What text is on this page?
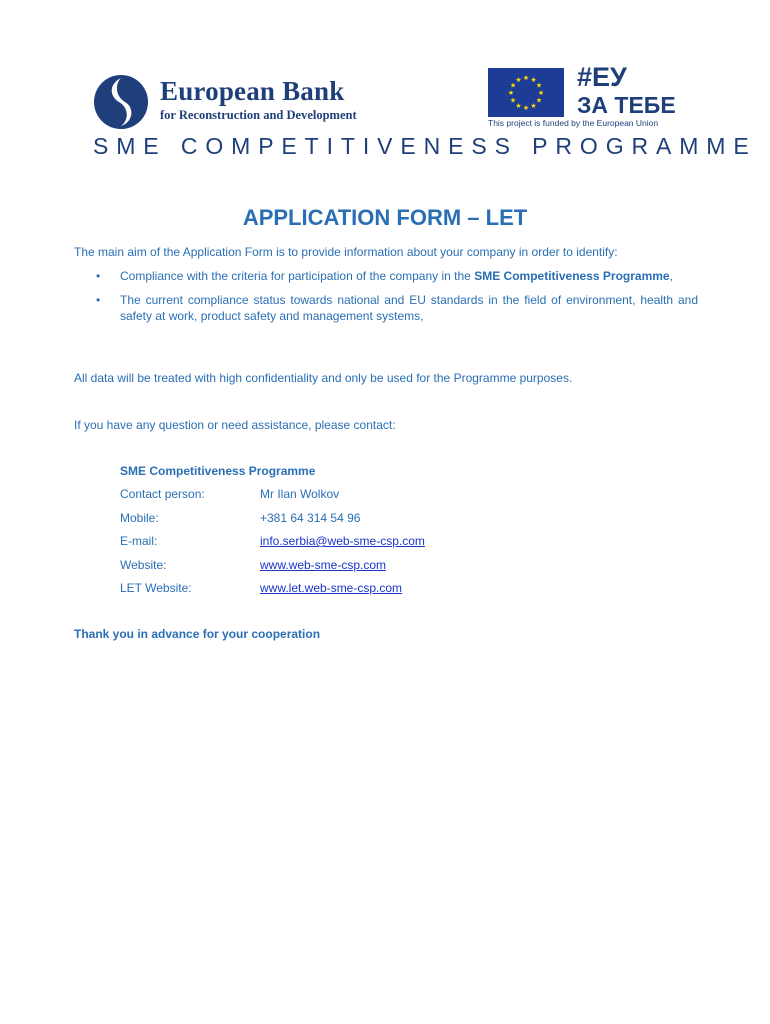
European Bank
for Reconstruction and Development
★ ★
★
★
★
★
★
★
★
★
★
★ #ЕУ
ЗА ТЕБЕ
This project is funded by the European Union
SME COMPETITIVENESS PROGRAMME
APPLICATION FORM – LET
The main aim of the Application Form is to provide information about your company in order to identify:
• Compliance with the criteria for participation of the company in the SME Competitiveness Programme,
• The current compliance status towards national and EU standards in the field of environment, health and safety at work, product safety and management systems,
All data will be treated with high confidentiality and only be used for the Programme purposes.
If you have any question or need assistance, please contact:
SME Competitiveness Programme
Contact person:	Mr Ilan Wolkov
Mobile:	+381 64 314 54 96
E-mail:	info.serbia@web-sme-csp.com
Website:	www.web-sme-csp.com
LET Website:	www.let.web-sme-csp.com
Thank you in advance for your cooperation
